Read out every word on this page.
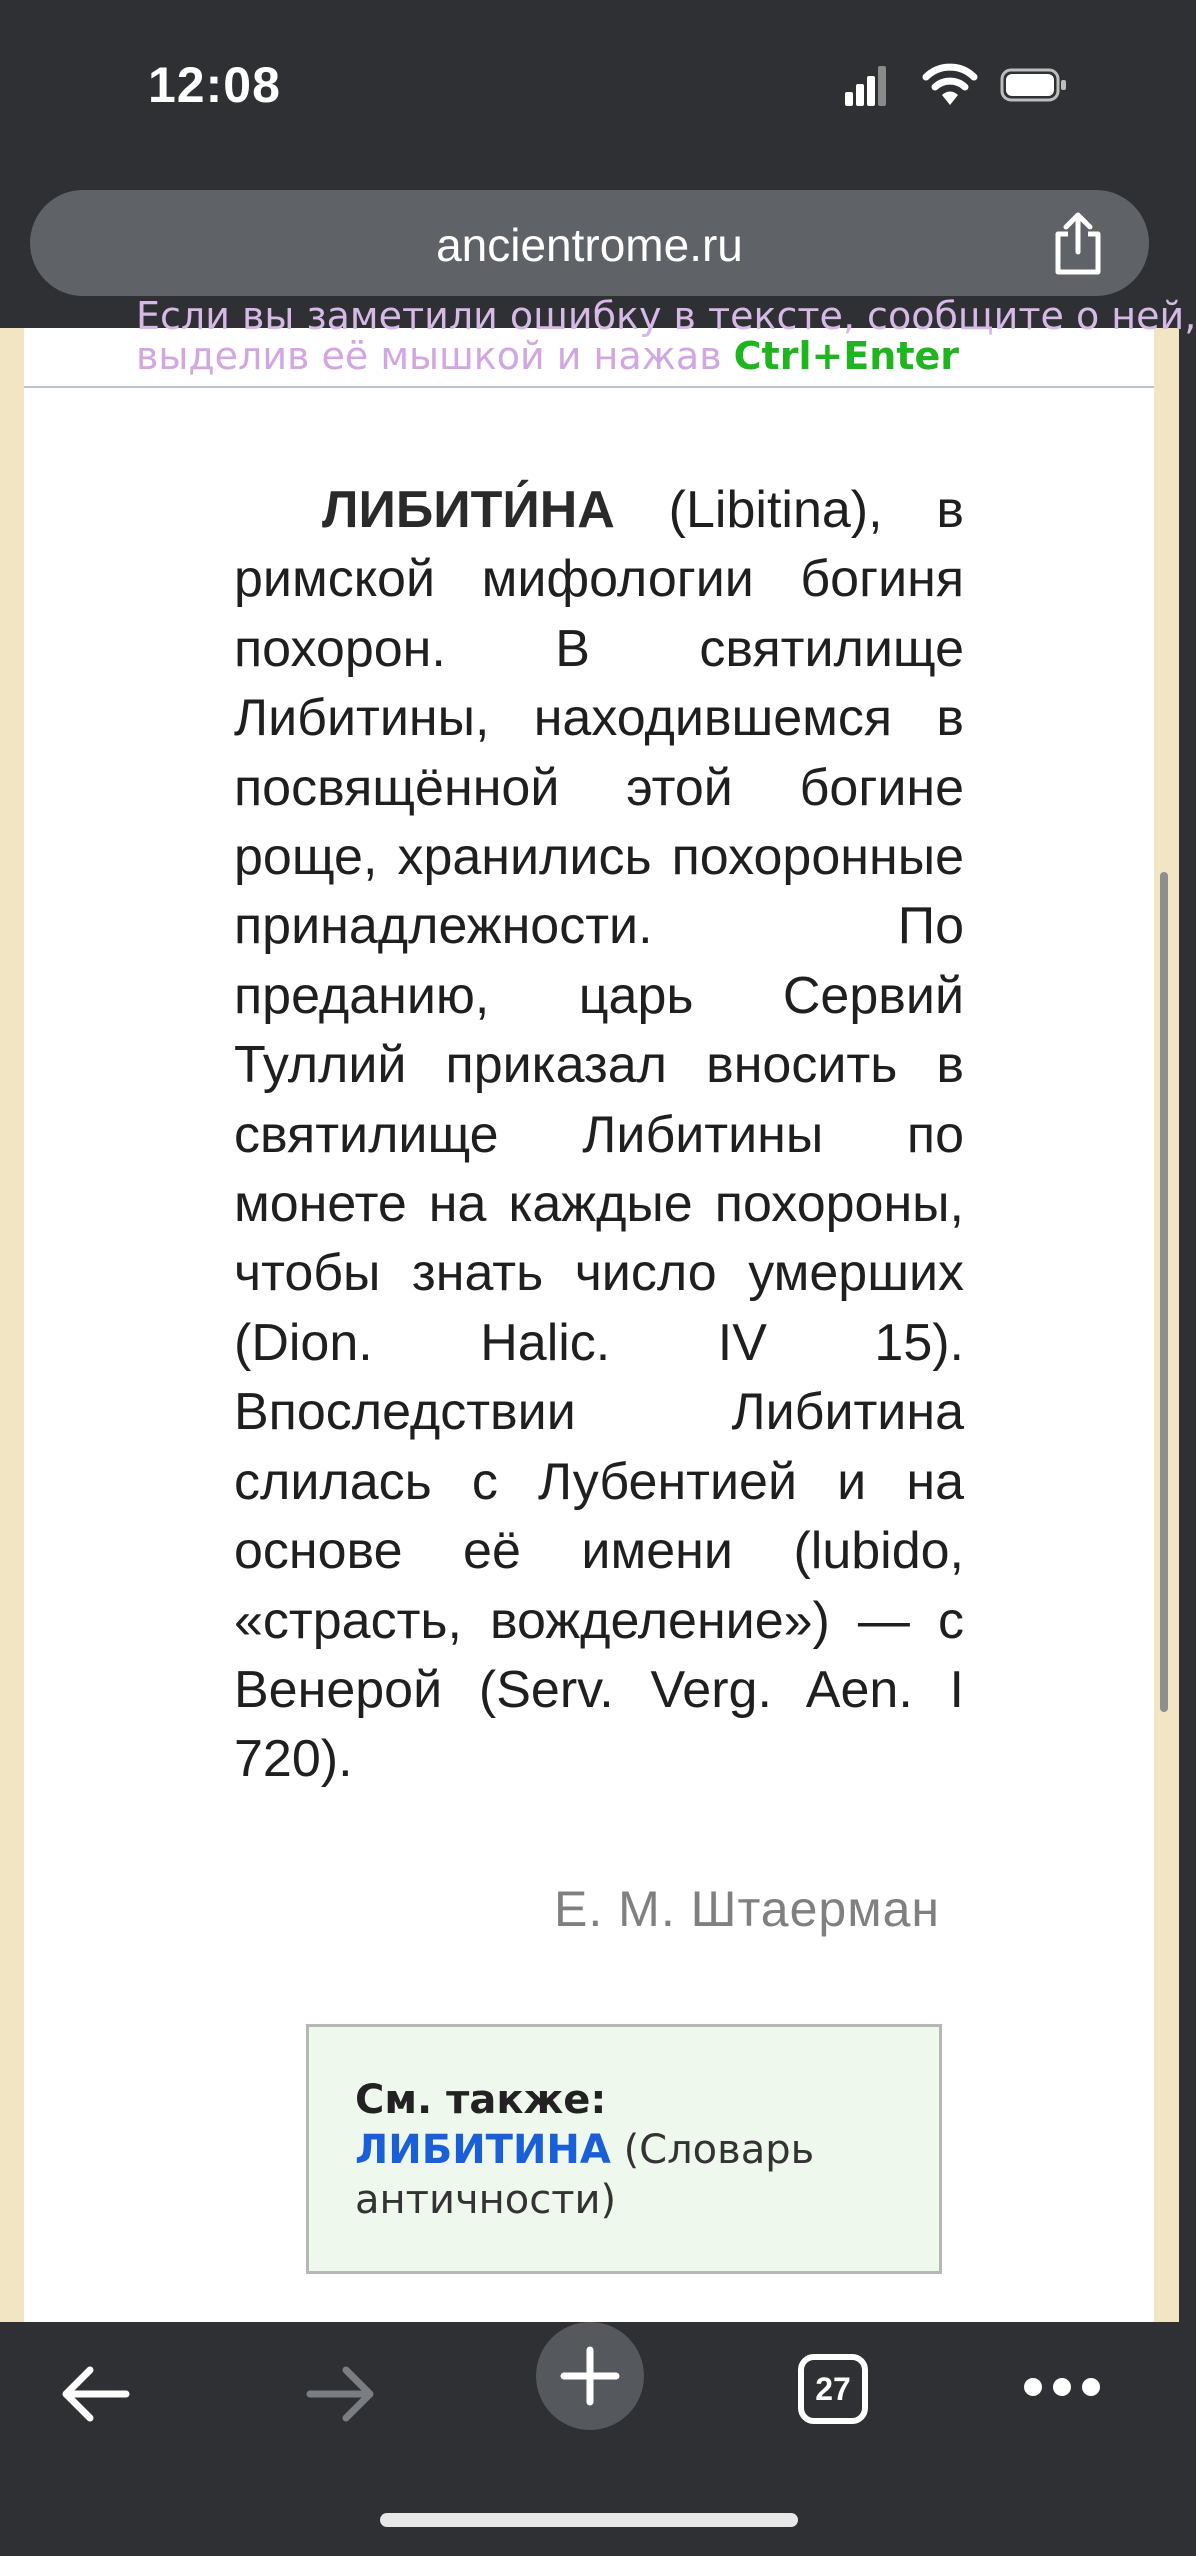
12:08
ancientrome.ru
Если вы заметили ошибку в тексте, сообщите о ней,
выделив её мышкой и нажав Ctrl+Enter
ЛИБИТИ́НА (Libitina), в римской мифологии богиня похорон. В святилище Либитины, находившемся в посвящённой этой богине роще, хранились похоронные принадлежности. По преданию, царь Сервий Туллий приказал вносить в святилище Либитины по монете на каждые похороны, чтобы знать число умерших (Dion. Halic. IV 15). Впоследствии Либитина слилась с Лубентией и на основе её имени (lubido, «страсть, вожделение») — с Венерой (Serv. Verg. Aen. I 720).
Е. М. Штаерман
См. также:
ЛИБИТИНА (Словарь античности)
27
